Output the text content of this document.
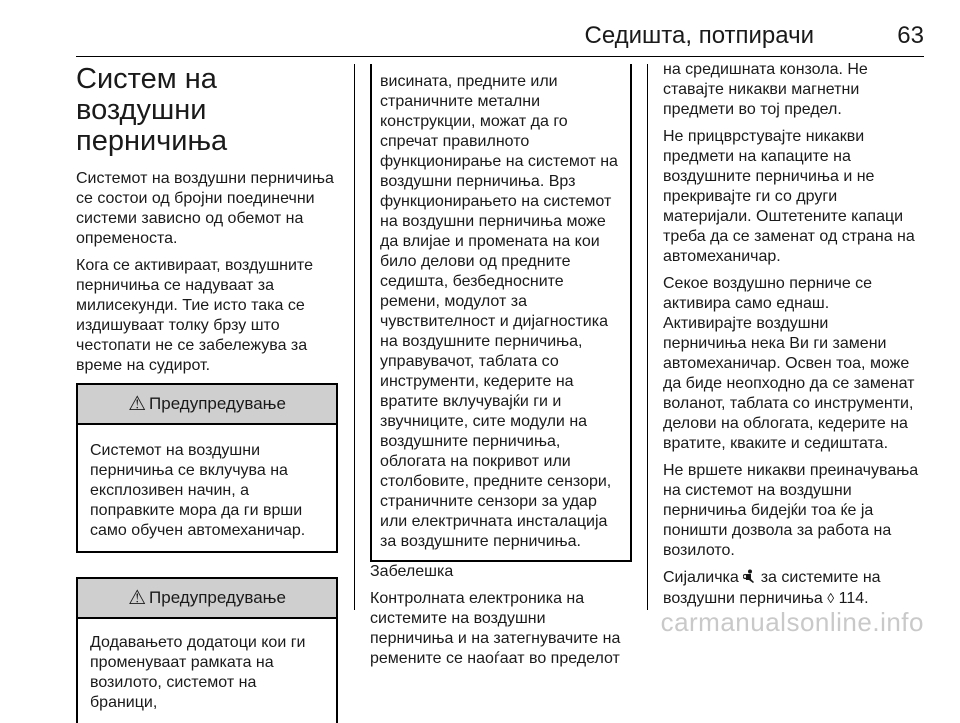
Седишта, потпирачи	63
Систем на воздушни
перничиња

Системот на воздушни перничиња
се состои од бројни поединечни
системи зависно од обемот на
опременоста.

Кога се активираат, воздушните
перничиња се надуваат за
милисекунди. Тие исто така се
издишуваат толку брзу што
честопати не се забележува за
време на судирот.

⚠ Предупредување
Системот на воздушни
перничиња се вклучува на
експлозивен начин, а
поправките мора да ги врши
само обучен автомеханичар.
⚠ Предупредување
Додавањето додатоци кои ги
променуваат рамката на
возилото, системот на браници,
висината, предните или
страничните метални
конструкции, можат да го
спречат правилното
функционирање на системот на
воздушни перничиња. Врз
функционирањето на системот
на воздушни перничиња може
да влијае и промената на кои
било делови од предните
седишта, безбедносните
ремени, модулот за
чувствителност и дијагностика
на воздушните перничиња,
управувачот, таблата со
инструменти, кедерите на
вратите вклучувајќи ги и
звучниците, сите модули на
воздушните перничиња,
облогата на покривот или
столбовите, предните сензори,
страничните сензори за удар
или електричната инсталација
за воздушните перничиња.

Забелешка

Контролната електроника на
системите на воздушни
перничиња и на затегнувачите на
ремените се наоѓаат во пределот

на средишната конзола. Не
ставајте никакви магнетни
предмети во тој предел.

Не прицврстувајте никакви
предмети на капаците на
воздушните перничиња и не
прекривајте ги со други
материјали. Оштетените капаци
треба да се заменат од страна на
автомеханичар.

Секое воздушно перниче се
активира само еднаш.
Активирајте воздушни
перничиња нека Ви ги замени
автомеханичар. Освен тоа, може
да биде неопходно да се заменат
воланот, таблата со инструменти,
делови на облогата, кедерите на
вратите, кваките и седиштата.

Не вршете никакви преиначувања
на системот на воздушни
перничиња бидејќи тоа ќе ја
поништи дозвола за работа на
возилото.

Сијаличка за системите на
воздушни перничиња ◊ 114.

carmanualsonline.info
